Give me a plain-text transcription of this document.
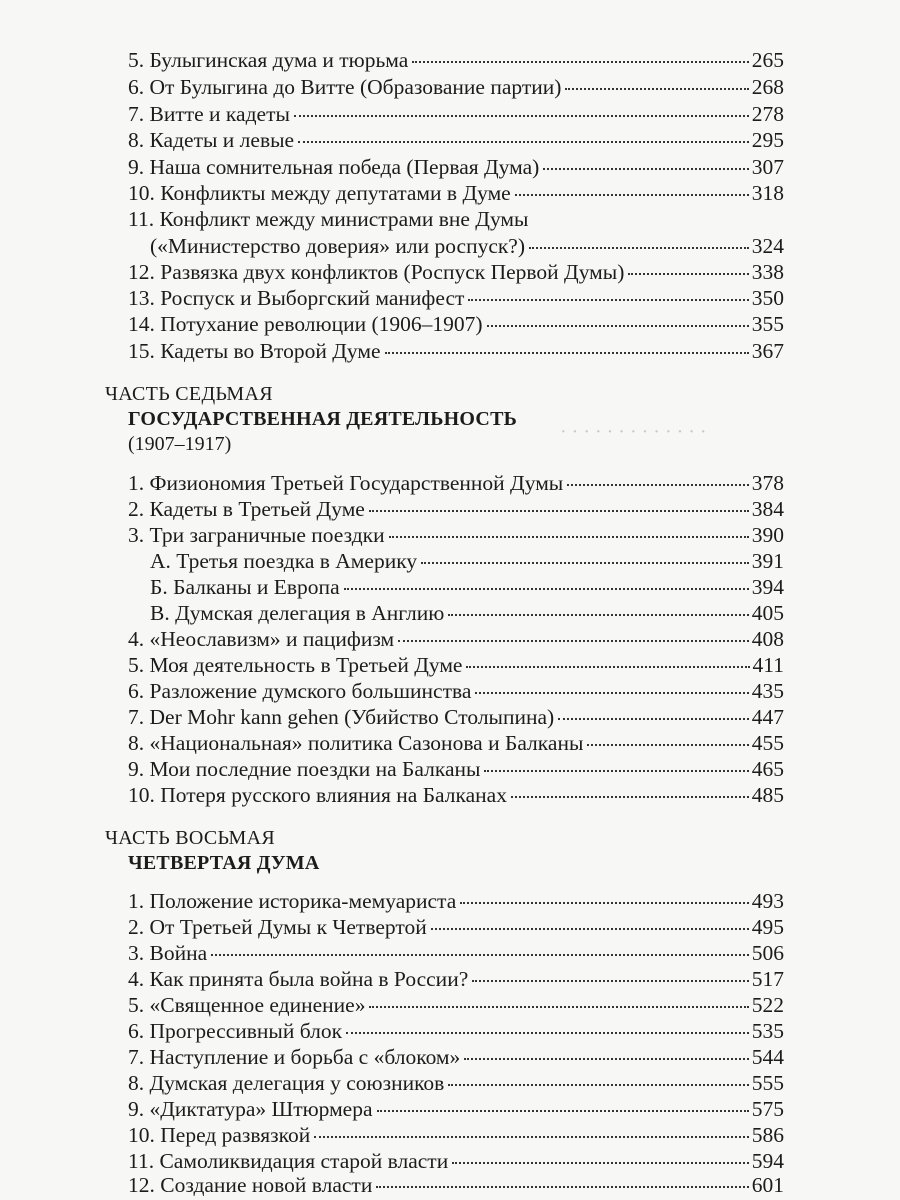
· · · · · · · · · · · · ·
5. Булыгинская дума и тюрьма	265
6. От Булыгина до Витте (Образование партии)	268
7. Витте и кадеты	278
8. Кадеты и левые	295
9. Наша сомнительная победа (Первая Дума)	307
10. Конфликты между депутатами в Думе	318
11. Конфликт между министрами вне Думы
(«Министерство доверия» или роспуск?)	324
12. Развязка двух конфликтов (Роспуск Первой Думы)	338
13. Роспуск и Выборгский манифест	350
14. Потухание революции (1906–1907)	355
15. Кадеты во Второй Думе	367
ЧАСТЬ СЕДЬМАЯ
ГОСУДАРСТВЕННАЯ ДЕЯТЕЛЬНОСТЬ
(1907–1917)
1. Физиономия Третьей Государственной Думы	378
2. Кадеты в Третьей Думе	384
3. Три заграничные поездки	390
А. Третья поездка в Америку	391
Б. Балканы и Европа	394
В. Думская делегация в Англию	405
4. «Неославизм» и пацифизм	408
5. Моя деятельность в Третьей Думе	411
6. Разложение думского большинства	435
7. Der Mohr kann gehen (Убийство Столыпина)	447
8. «Национальная» политика Сазонова и Балканы	455
9. Мои последние поездки на Балканы	465
10. Потеря русского влияния на Балканах	485
ЧАСТЬ ВОСЬМАЯ
ЧЕТВЕРТАЯ ДУМА
1. Положение историка-мемуариста	493
2. От Третьей Думы к Четвертой	495
3. Война	506
4. Как принята была война в России?	517
5. «Священное единение»	522
6. Прогрессивный блок	535
7. Наступление и борьба с «блоком»	544
8. Думская делегация у союзников	555
9. «Диктатура» Штюрмера	575
10. Перед развязкой	586
11. Самоликвидация старой власти	594
12. Создание новой власти	601
